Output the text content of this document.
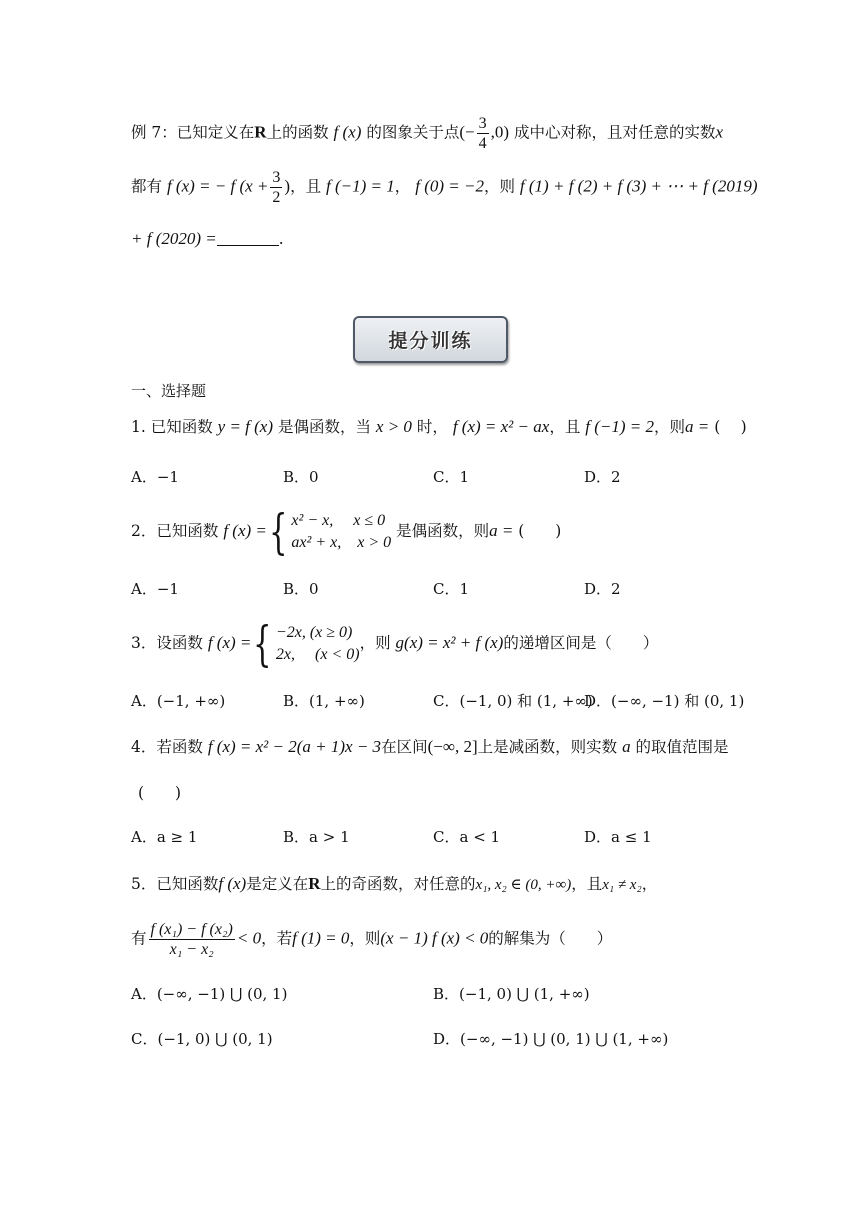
例 7：已知定义在R上的函数 f (x) 的图象关于点(− $\frac{3}{4} ,0$) 成中心对称，且对任意的实数x
都有 f (x) = − f ($x + \frac{3}{2}$ )，且 f (−1) = 1， f (0) = −2，则 f (1) + f (2) + f (3) + ⋯ + f (2019)
+ f (2020) =	.
提分训练
一、选择题
1. 已知函数 y = f (x) 是偶函数，当 x > 0 时， f (x) = x² − ax，且 f (−1) = 2，则a = (　 )
A．−1	B．0	C．1	D．2
2．已知函数 f (x) ={ x² − x,　 x ≤ 0
ax² + x,　x > 0
是偶函数，则a = (　　)
A．−1	B．0	C．1	D．2
3．设函数 f (x) ={ −2x, (x ≥ 0)
2x,　 (x < 0)
，则 g(x) = x² + f (x)的递增区间是（　　）
A．(−1, +∞)	B．(1, +∞)	C．(−1, 0) 和 (1, +∞)
D．(−∞, −1) 和 (0, 1)
4．若函数 f (x) = x² − 2(a + 1)x − 3在区间(−∞, 2]上是减函数，则实数 a 的取值范围是
(　　)
A．a ≥ 1	B．a > 1	C．a < 1	D．a ≤ 1
5．已知函数f (x)是定义在R上的奇函数，对任意的x₁, x₂ ∈ (0, +∞)，且x₁ ≠ x₂，
有 $\frac{\text{f (x₁) − f (x₂)}}{\text{x₁ − x₂}} < 0$，若f (1) = 0，则(x − 1) f (x) < 0的解集为（　　）
A．(−∞, −1) ⋃ (0, 1)	B．(−1, 0) ⋃ (1, +∞)
C．(−1, 0) ⋃ (0, 1)	D．(−∞, −1) ⋃ (0, 1) ⋃ (1, +∞)
